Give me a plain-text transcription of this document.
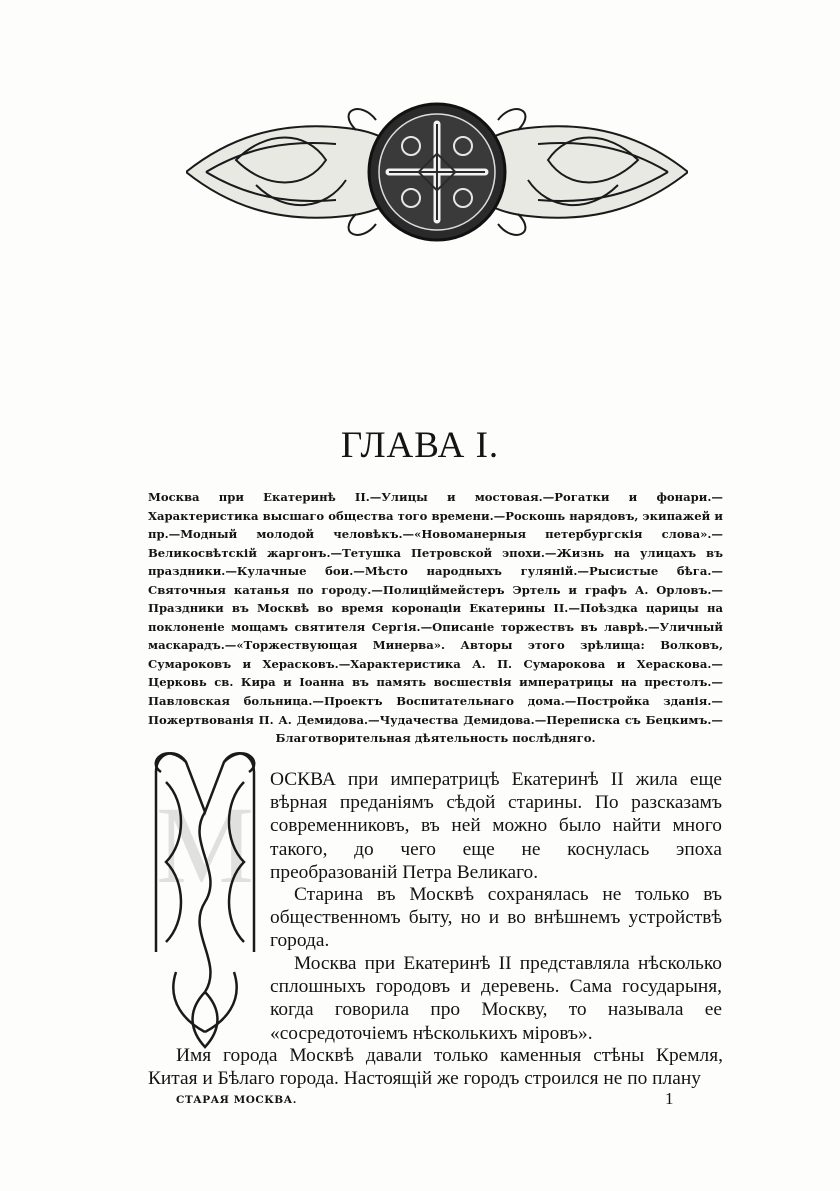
ГЛАВА I.

Москва при Екатеринѣ II.—Улицы и мостовая.—Рогатки и фонари.—Характеристика высшаго общества того времени.—Роскошь нарядовъ, экипажей и пр.—Модный молодой человѣкъ.—«Новоманерныя петербургскія слова».—Великосвѣтскій жаргонъ.—Тетушка Петровской эпохи.—Жизнь на улицахъ въ праздники.—Кулачные бои.—Мѣсто народныхъ гуляній.—Рысистые бѣга.—Святочныя катанья по городу.—Полиціймейстеръ Эртель и графъ А. Орловъ.—Праздники въ Москвѣ во время коронаціи Екатерины II.—Поѣздка царицы на поклоненіе мощамъ святителя Сергія.—Описаніе торжествъ въ лаврѣ.—Уличный маскарадъ.—«Торжествующая Минерва». Авторы этого зрѣлища: Волковъ, Сумароковъ и Херасковъ.—Характеристика А. П. Сумарокова и Хераскова.—Церковь св. Кира и Іоанна въ память восшествія императрицы на престолъ.—Павловская больница.—Проектъ Воспитательнаго дома.—Постройка зданія.—Пожертвованія П. А. Демидова.—Чудачества Демидова.—Переписка съ Бецкимъ.—Благотворительная дѣятельность послѣдняго.

М

ОСКВА при императрицѣ Екатеринѣ II жила еще вѣрная преданіямъ сѣдой старины. По разсказамъ современниковъ, въ ней можно было найти много такого, до чего еще не коснулась эпоха преобразованій Петра Великаго.

Старина въ Москвѣ сохранялась не только въ общественномъ быту, но и во внѣшнемъ устройствѣ города.

Москва при Екатеринѣ II представляла нѣсколько сплошныхъ городовъ и деревень. Сама государыня, когда говорила про Москву, то называла ее «сосредоточіемъ нѣсколькихъ міровъ».

Имя города Москвѣ давали только каменныя стѣны Кремля, Китая и Бѣлаго города. Настоящій же городъ строился не по плану

СТАРАЯ МОСКВА.	1
